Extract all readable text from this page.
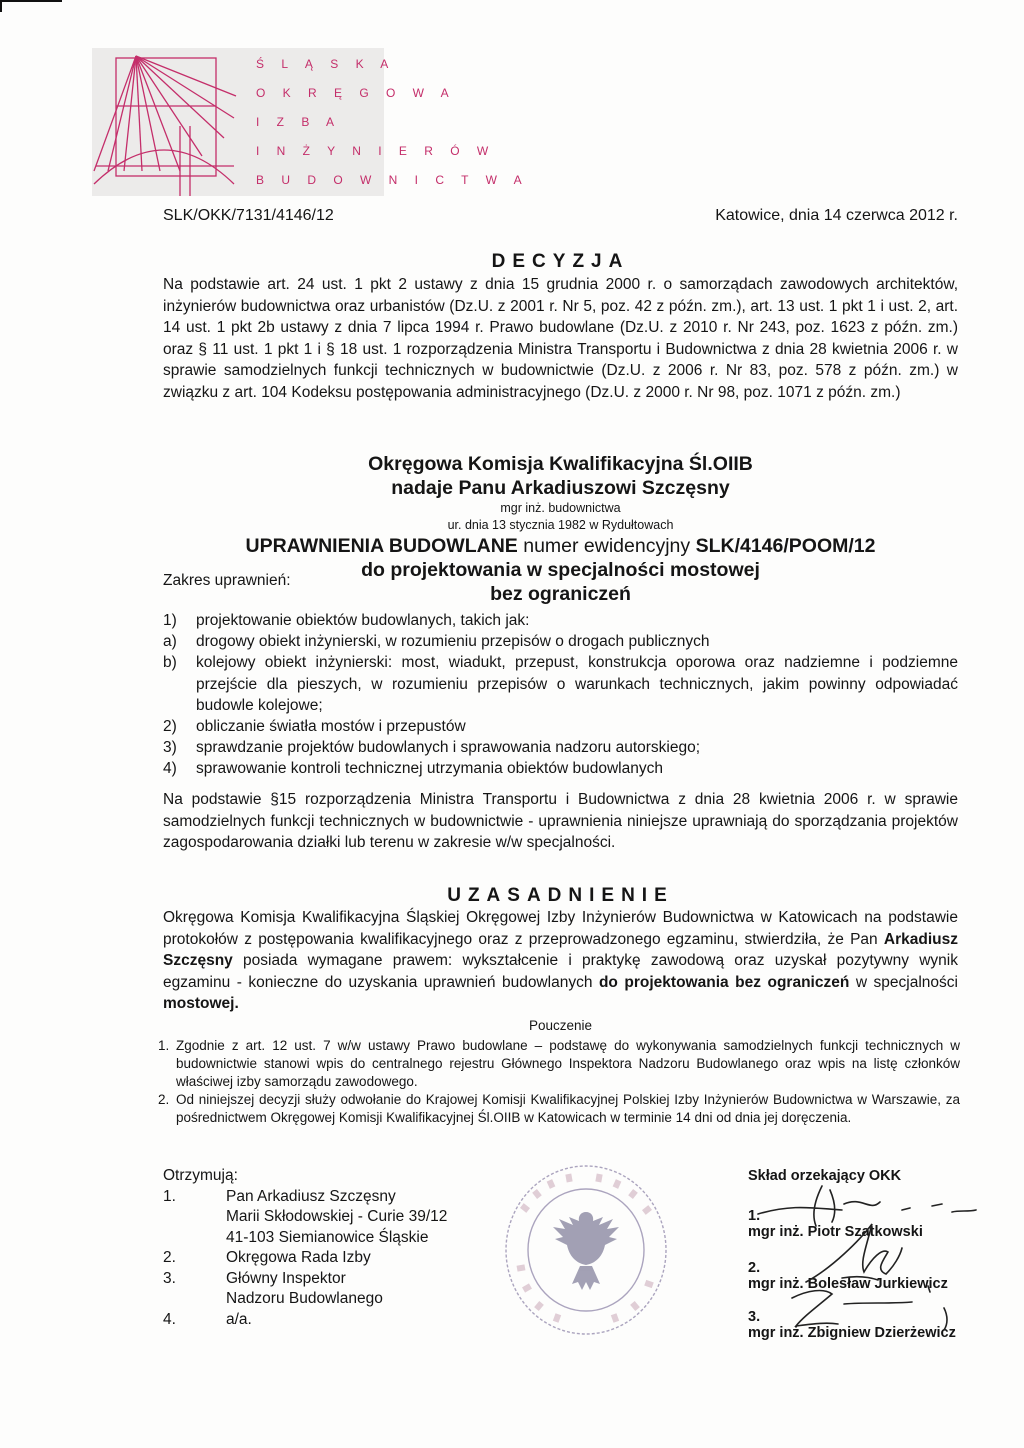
Ś L Ą S K A
O K R Ę G O W A
I Z B A
I N Ż Y N I E R Ó W
B U D O W N I C T W A
SLK/OKK/7131/4146/12	Katowice, dnia 14 czerwca 2012 r.
DECYZJA
Na podstawie art. 24 ust. 1 pkt 2 ustawy z dnia 15 grudnia 2000 r. o samorządach zawodowych architektów, inżynierów budownictwa oraz urbanistów (Dz.U. z 2001 r. Nr 5, poz. 42 z późn. zm.), art. 13 ust. 1 pkt 1 i ust. 2, art. 14 ust. 1 pkt 2b ustawy z dnia 7 lipca 1994 r. Prawo budowlane (Dz.U. z 2010 r. Nr 243, poz. 1623 z późn. zm.) oraz § 11 ust. 1 pkt 1 i § 18 ust. 1 rozporządzenia Ministra Transportu i Budownictwa z dnia 28 kwietnia 2006 r. w sprawie samodzielnych funkcji technicznych w budownictwie (Dz.U. z 2006 r. Nr 83, poz. 578 z późn. zm.) w związku z art. 104 Kodeksu postępowania administracyjnego (Dz.U. z 2000 r. Nr 98, poz. 1071 z późn. zm.)
Okręgowa Komisja Kwalifikacyjna Śl.OIIB
nadaje Panu Arkadiuszowi Szczęsny
mgr inż. budownictwa
ur. dnia 13 stycznia 1982 w Rydułtowach
UPRAWNIENIA BUDOWLANE numer ewidencyjny SLK/4146/POOM/12
do projektowania w specjalności mostowej
bez ograniczeń
Zakres uprawnień:
1)	projektowanie obiektów budowlanych, takich jak:
a)	drogowy obiekt inżynierski, w rozumieniu przepisów o drogach publicznych
b)	kolejowy obiekt inżynierski: most, wiadukt, przepust, konstrukcja oporowa oraz nadziemne i podziemne przejście dla pieszych, w rozumieniu przepisów o warunkach technicznych, jakim powinny odpowiadać budowle kolejowe;
2)	obliczanie światła mostów i przepustów
3)	sprawdzanie projektów budowlanych i sprawowania nadzoru autorskiego;
4)	sprawowanie kontroli technicznej utrzymania obiektów budowlanych
Na podstawie §15 rozporządzenia Ministra Transportu i Budownictwa z dnia 28 kwietnia 2006 r. w sprawie samodzielnych funkcji technicznych w budownictwie - uprawnienia niniejsze uprawniają do sporządzania projektów zagospodarowania działki lub terenu w zakresie w/w specjalności.
UZASADNIENIE
Okręgowa Komisja Kwalifikacyjna Śląskiej Okręgowej Izby Inżynierów Budownictwa w Katowicach na podstawie protokołów z postępowania kwalifikacyjnego oraz z przeprowadzonego egzaminu, stwierdziła, że Pan Arkadiusz Szczęsny posiada wymagane prawem: wykształcenie i praktykę zawodową oraz uzyskał pozytywny wynik egzaminu - konieczne do uzyskania uprawnień budowlanych do projektowania bez ograniczeń w specjalności mostowej.
Pouczenie
1. Zgodnie z art. 12 ust. 7 w/w ustawy Prawo budowlane – podstawę do wykonywania samodzielnych funkcji technicznych w budownictwie stanowi wpis do centralnego rejestru Głównego Inspektora Nadzoru Budowlanego oraz wpis na listę członków właściwej izby samorządu zawodowego.
2. Od niniejszej decyzji służy odwołanie do Krajowej Komisji Kwalifikacyjnej Polskiej Izby Inżynierów Budownictwa w Warszawie, za pośrednictwem Okręgowej Komisji Kwalifikacyjnej Śl.OIIB w Katowicach w terminie 14 dni od dnia jej doręczenia.
Otrzymują:
1.	Pan Arkadiusz Szczęsny
Marii Skłodowskiej - Curie 39/12
41-103 Siemianowice Śląskie
2.	Okręgowa Rada Izby
3.	Główny Inspektor
Nadzoru Budowlanego
4.	a/a.
Skład orzekający OKK
1.
mgr inż. Piotr Szatkowski
2.
mgr inż. Bolesław Jurkiewicz
3.
mgr inż. Zbigniew Dzierżewicz
